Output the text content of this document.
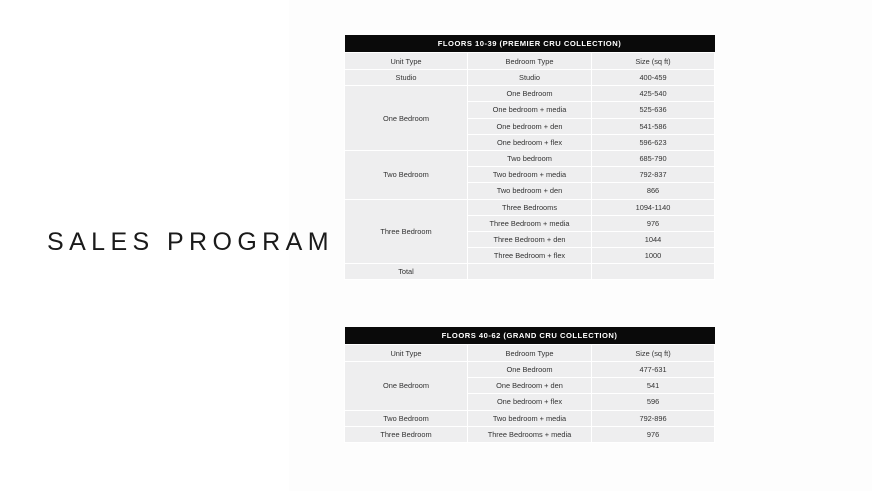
SALES PROGRAM
FLOORS 10-39 (PREMIER CRU COLLECTION)		
Unit Type	Bedroom Type	Size (sq ft)
Studio	Studio	400-459
One Bedroom	One Bedroom	425-540
	One bedroom + media	525-636
	One bedroom + den	541-586
	One bedroom + flex	596-623
Two Bedroom	Two bedroom	685-790
	Two bedroom + media	792-837
	Two bedroom + den	866
Three Bedroom	Three Bedrooms	1094-1140
	Three Bedroom + media	976
	Three Bedroom + den	1044
	Three Bedroom + flex	1000
Total		
FLOORS 40-62 (GRAND CRU COLLECTION)		
Unit Type	Bedroom Type	Size (sq ft)
One Bedroom	One Bedroom	477-631
	One Bedroom + den	541
	One bedroom + flex	596
Two Bedroom	Two bedroom + media	792-896
Three Bedroom	Three Bedrooms + media	976
